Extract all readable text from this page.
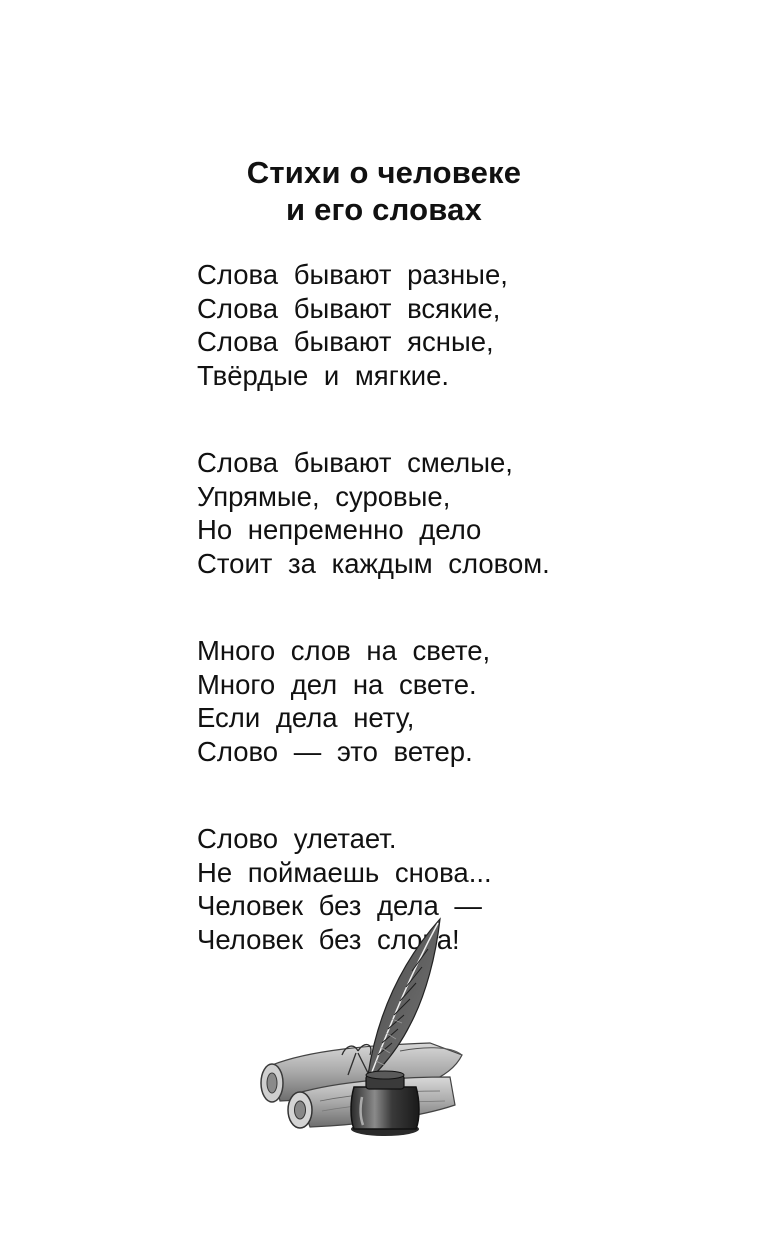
Стихи о человеке
и его словах
Слова бывают разные,
Слова бывают всякие,
Слова бывают ясные,
Твёрдые и мягкие.
Слова бывают смелые,
Упрямые, суровые,
Но непременно дело
Стоит за каждым словом.
Много слов на свете,
Много дел на свете.
Если дела нету,
Слово — это ветер.
Слово улетает.
Не поймаешь снова...
Человек без дела —
Человек без слова!
